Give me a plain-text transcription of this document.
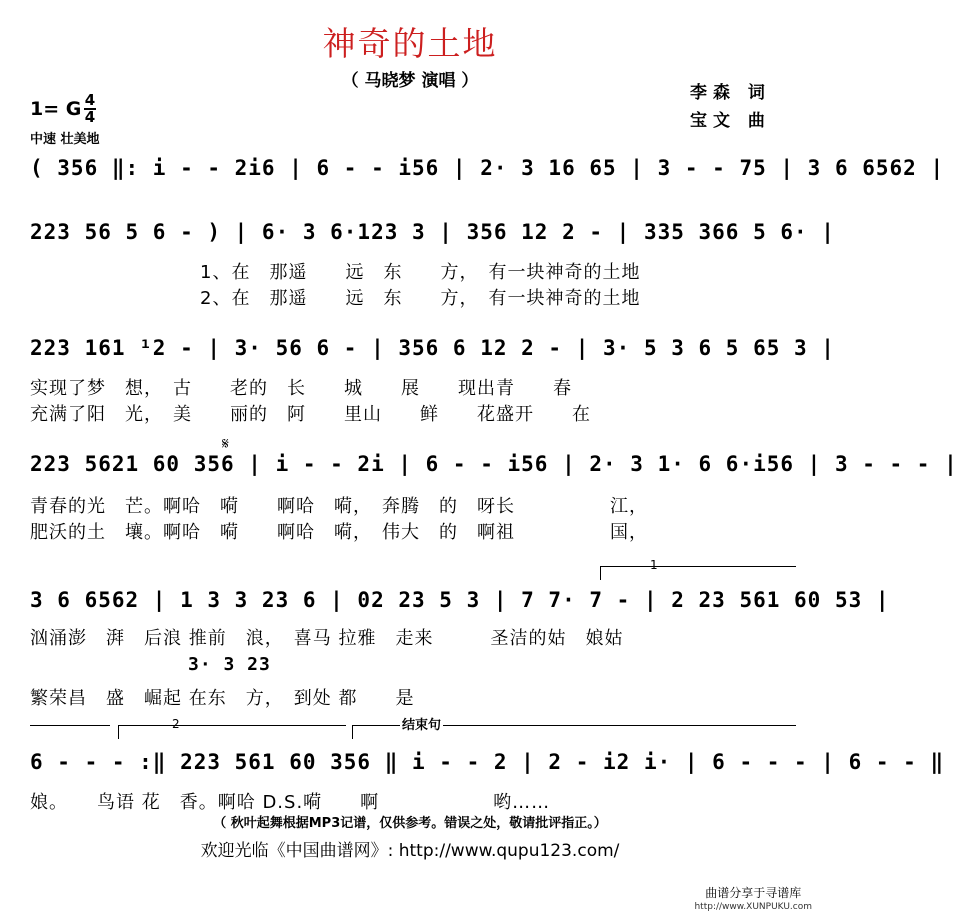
神奇的土地
（ 马晓梦 演唱 ）
李森 词
宝文 曲
1= G 4
4
中速 壮美地
( 356 ‖: i - - 2i6 | 6 - - i56 | 2· 3 16 65 | 3 - - 75 | 3 6 6562 |
223 56 5 6 - ) | 6· 3 6·123 3 | 356 12 2 - | 335 366 5 6· |
1、在　那遥　　远　东　　方，　有一块神奇的土地
2、在　那遥　　远　东　　方，　有一块神奇的土地
223 161 ¹2 - | 3· 56 6 - | 356 6 12 2 - | 3· 5 3 6 5 65 3 |
实现了梦　想，　古　　老的　长　　城　　展　　现出青　　春
充满了阳　光，　美　　丽的　阿　　里山　　鲜　　花盛开　　在
𝄋
223 5621 60 356 | i - - 2i | 6 - - i56 | 2· 3 1· 6 6·i56 | 3 - - - |
青春的光　芒。啊哈　嗬　　啊哈　嗬，　奔腾　的　呀长　　　　　江，
肥沃的土　壤。啊哈　嗬　　啊哈　嗬，　伟大　的　啊祖　　　　　国，
1
3 6 6562 | 1 3 3 23 6 | 02 23 5 3 | 7 7· 7 - | 2 23 561 60 53 |
汹涌澎　湃　后浪 推前　浪，　喜马 拉雅　走来　　　圣洁的姑　娘姑
3· 3 23
繁荣昌　盛　崛起 在东　方，　到处 都　　是
2	结束句
6 - - - :‖ 223 561 60 356 ‖ i - - 2 | 2 - i2 i· | 6 - - - | 6 - - ‖
娘。　　鸟语 花　香。啊哈 D.S.嗬　　啊　　　　　　哟……
（ 秋叶起舞根据MP3记谱，仅供参考。错误之处，敬请批评指正。）
欢迎光临《中国曲谱网》: http://www.qupu123.com/
曲谱分享于寻谱库
http://www.XUNPUKU.com
